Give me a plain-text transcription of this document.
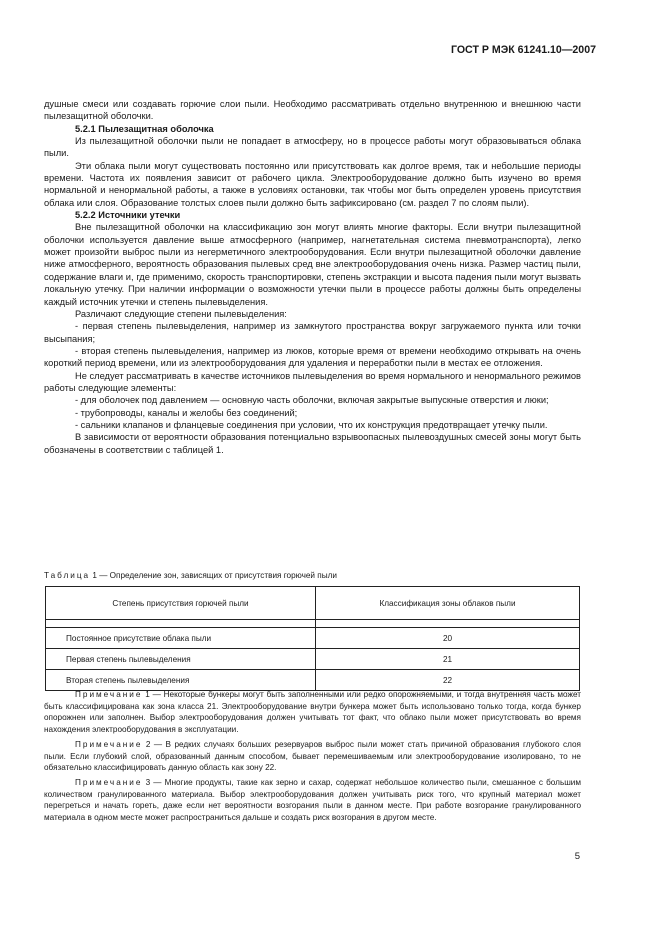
ГОСТ Р МЭК 61241.10—2007

душные смеси или создавать горючие слои пыли. Необходимо рассматривать отдельно внутреннюю и внешнюю части пылезащитной оболочки.

5.2.1 Пылезащитная оболочка

Из пылезащитной оболочки пыли не попадает в атмосферу, но в процессе работы могут образовываться облака пыли.

Эти облака пыли могут существовать постоянно или присутствовать как долгое время, так и небольшие периоды времени. Частота их появления зависит от рабочего цикла. Электрооборудование должно быть изучено во время нормальной и ненормальной работы, а также в условиях остановки, так чтобы мог быть определен уровень присутствия облака или слоя. Образование толстых слоев пыли должно быть зафиксировано (см. раздел 7 по слоям пыли).

5.2.2 Источники утечки

Вне пылезащитной оболочки на классификацию зон могут влиять многие факторы. Если внутри пылезащитной оболочки используется давление выше атмосферного (например, нагнетательная система пневмотранспорта), легко может произойти выброс пыли из негерметичного электрооборудования. Если внутри пылезащитной оболочки давление ниже атмосферного, вероятность образования пылевых сред вне электрооборудования очень низка. Размер частиц пыли, содержание влаги и, где применимо, скорость транспортировки, степень экстракции и высота падения пыли могут вызвать локальную утечку. При наличии информации о возможности утечки пыли в процессе работы должны быть определены каждый источник утечки и степень пылевыделения.

Различают следующие степени пылевыделения:

- первая степень пылевыделения, например из замкнутого пространства вокруг загружаемого пункта или точки высыпания;

- вторая степень пылевыделения, например из люков, которые время от времени необходимо открывать на очень короткий период времени, или из электрооборудования для удаления и переработки пыли в местах ее отложения.

Не следует рассматривать в качестве источников пылевыделения во время нормального и ненормального режимов работы следующие элементы:

- для оболочек под давлением — основную часть оболочки, включая закрытые выпускные отверстия и люки;

- трубопроводы, каналы и желобы без соединений;

- сальники клапанов и фланцевые соединения при условии, что их конструкция предотвращает утечку пыли.

В зависимости от вероятности образования потенциально взрывоопасных пылевоздушных смесей зоны могут быть обозначены в соответствии с таблицей 1.

Таблица 1 — Определение зон, зависящих от присутствия горючей пыли
Степень присутствия горючей пыли	Классификация зоны облаков пыли

Постоянное присутствие облака пыли	20
Первая степень пылевыделения	21
Вторая степень пылевыделения	22

Примечание 1 — Некоторые бункеры могут быть заполненными или редко опорожняемыми, и тогда внутренняя часть может быть классифицирована как зона класса 21. Электрооборудование внутри бункера может быть использовано только тогда, когда бункер опорожнен или заполнен. Выбор электрооборудования должен учитывать тот факт, что облако пыли может присутствовать во время нахождения электрооборудования в эксплуатации.

Примечание 2 — В редких случаях больших резервуаров выброс пыли может стать причиной образования глубокого слоя пыли. Если глубокий слой, образованный данным способом, бывает перемешиваемым или электрооборудование изолировано, то не обязательно классифицировать данную область как зону 22.

Примечание 3 — Многие продукты, такие как зерно и сахар, содержат небольшое количество пыли, смешанное с большим количеством гранулированного материала. Выбор электрооборудования должен учитывать риск того, что крупный материал может перегреться и начать гореть, даже если нет вероятности возгорания пыли в данном месте. При работе возгорание гранулированного материала в одном месте может распространиться дальше и создать риск возгорания в другом месте.

5
